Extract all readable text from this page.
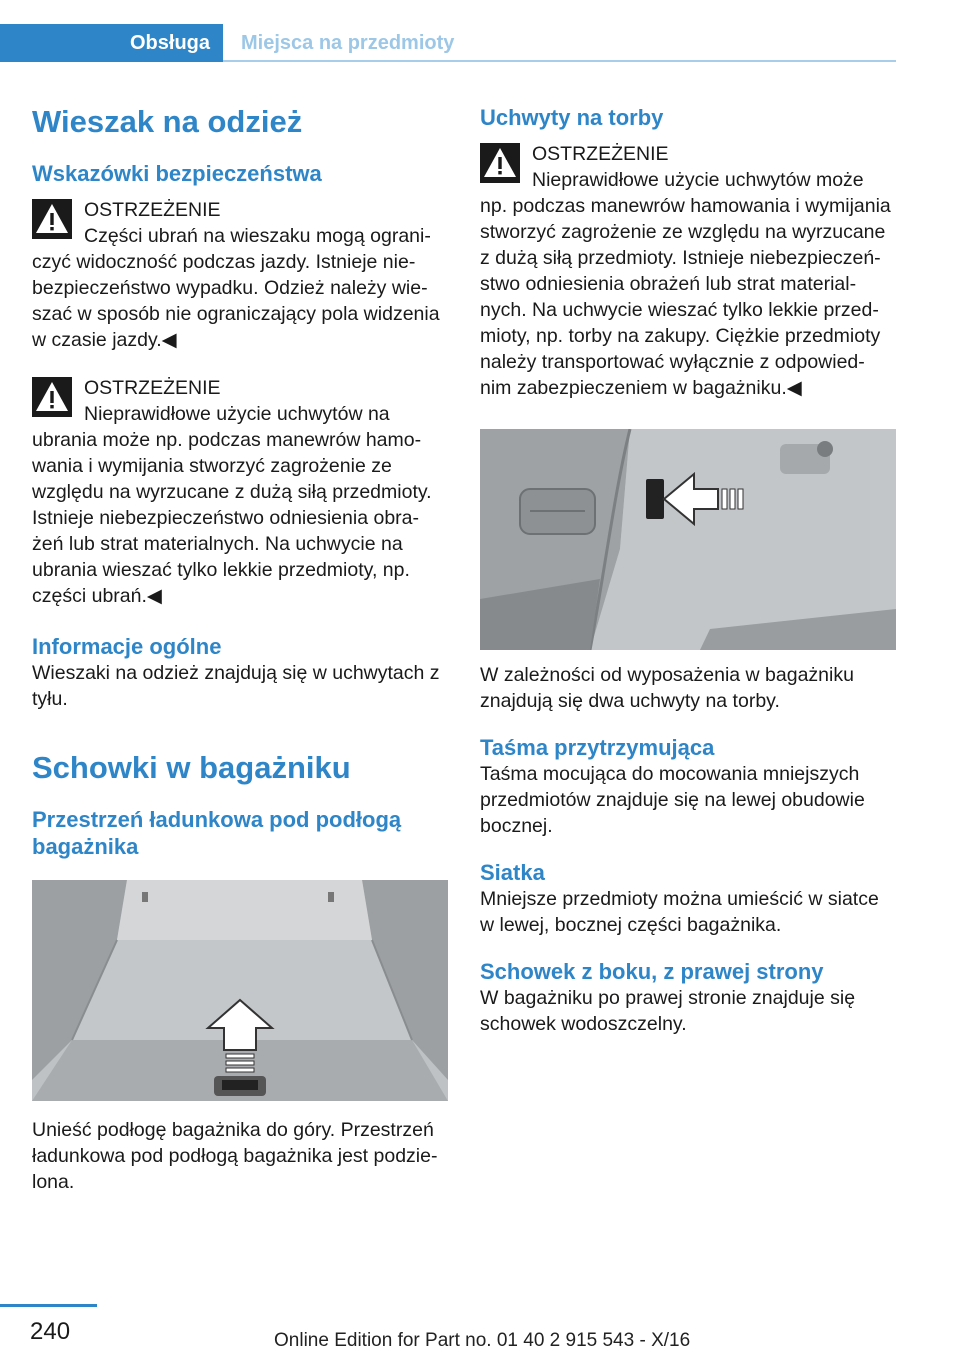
Obsługa	Miejsca na przedmioty
Wieszak na odzież
Wskazówki bezpieczeństwa
OSTRZEŻENIE

Części ubrań na wieszaku mogą ograni-czyć widoczność podczas jazdy. Istnieje nie-bezpieczeństwo wypadku. Odzież należy wie-szać w sposób nie ograniczający pola widzenia w czasie jazdy.◀

OSTRZEŻENIE

Nieprawidłowe użycie uchwytów na ubrania może np. podczas manewrów hamo-wania i wymijania stworzyć zagrożenie ze względu na wyrzucane z dużą siłą przedmioty. Istnieje niebezpieczeństwo odniesienia obra-żeń lub strat materialnych. Na uchwycie na ubrania wieszać tylko lekkie przedmioty, np. części ubrań.◀

Informacje ogólne

Wieszaki na odzież znajdują się w uchwytach z tyłu.

Schowki w bagażniku
Przestrzeń ładunkowa pod podłogą bagażnika

Unieść podłogę bagażnika do góry. Przestrzeń ładunkowa pod podłogą bagażnika jest podzie-lona.

Uchwyty na torby
OSTRZEŻENIE

Nieprawidłowe użycie uchwytów może np. podczas manewrów hamowania i wymijania stworzyć zagrożenie ze względu na wyrzucane z dużą siłą przedmioty. Istnieje niebezpieczeń-stwo odniesienia obrażeń lub strat material-nych. Na uchwycie wieszać tylko lekkie przed-mioty, np. torby na zakupy. Ciężkie przedmioty należy transportować wyłącznie z odpowied-nim zabezpieczeniem w bagażniku.◀

W zależności od wyposażenia w bagażniku znajdują się dwa uchwyty na torby.

Taśma przytrzymująca

Taśma mocująca do mocowania mniejszych przedmiotów znajduje się na lewej obudowie bocznej.

Siatka

Mniejsze przedmioty można umieścić w siatce w lewej, bocznej części bagażnika.

Schowek z boku, z prawej strony

W bagażniku po prawej stronie znajduje się schowek wodoszczelny.

240	Online Edition for Part no. 01 40 2 915 543 - X/16
